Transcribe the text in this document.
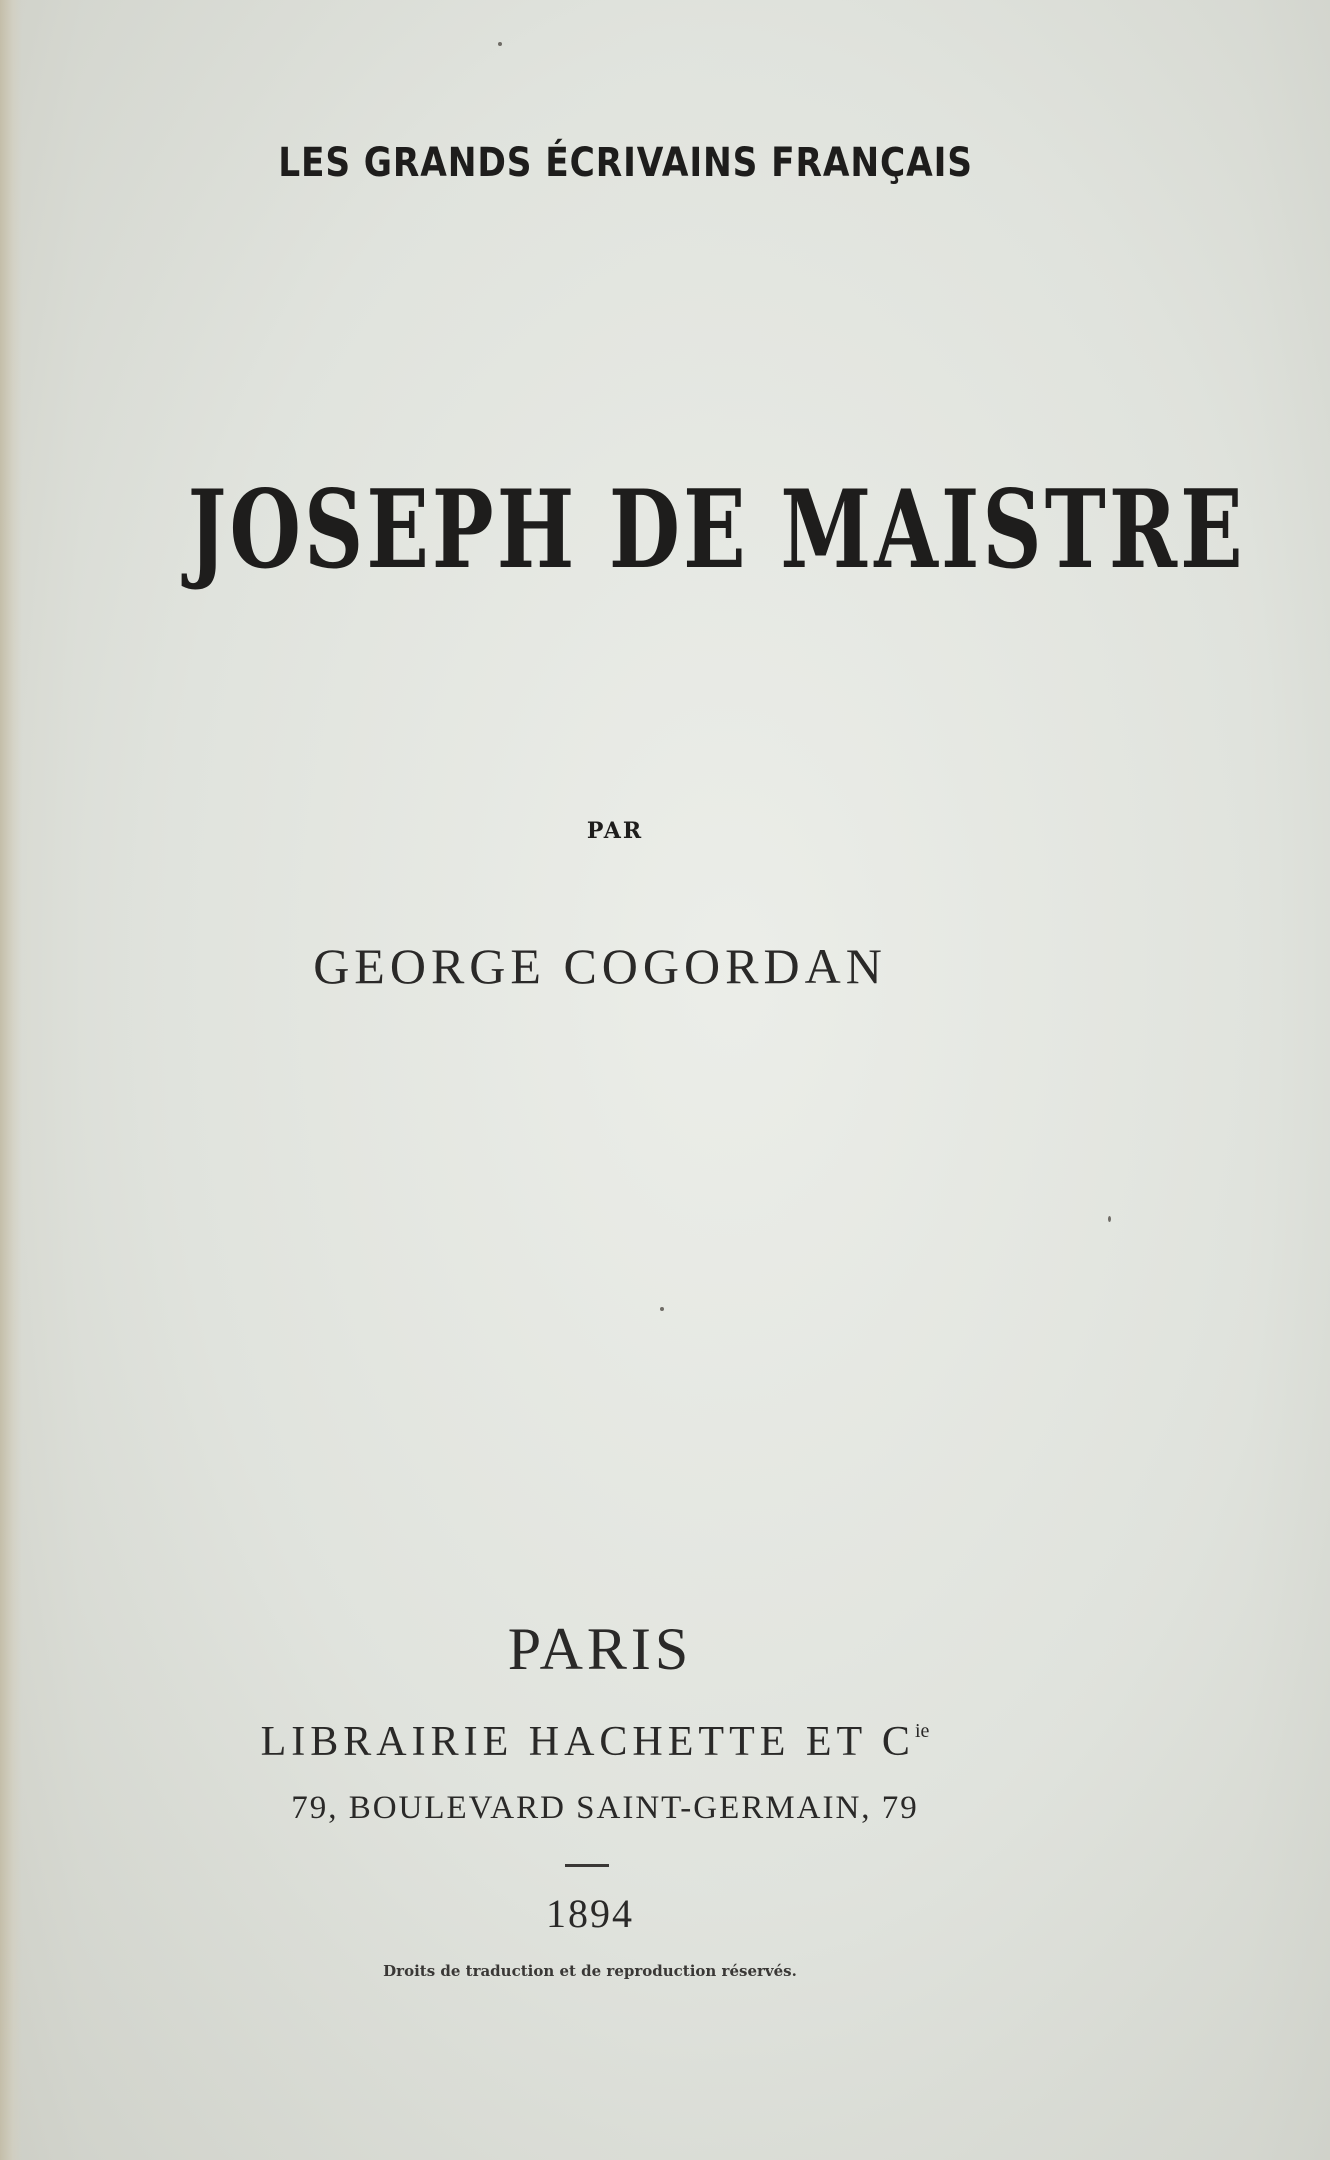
LES GRANDS ÉCRIVAINS FRANÇAIS
JOSEPH DE MAISTRE
PAR
GEORGE COGORDAN
PARIS
LIBRAIRIE HACHETTE ET $C^{ie}$
79, BOULEVARD SAINT-GERMAIN, 79
1894
Droits de traduction et de reproduction réservés.
